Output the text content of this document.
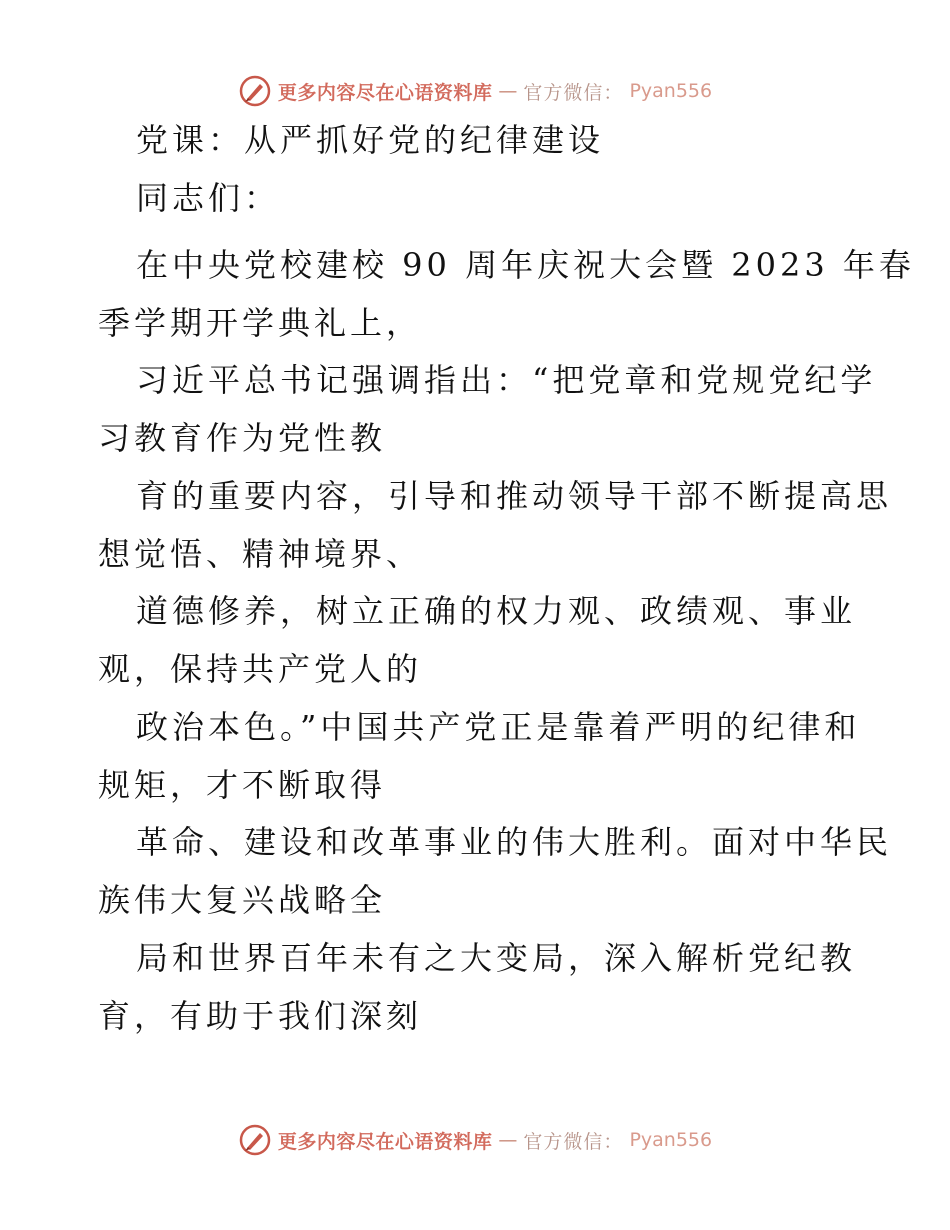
更多内容尽在心语资料库 — 官方微信： Pyan556
党课：从严抓好党的纪律建设
同志们：
在中央党校建校 90 周年庆祝大会暨 2023 年春
季学期开学典礼上，
习近平总书记强调指出：“把党章和党规党纪学
习教育作为党性教
育的重要内容，引导和推动领导干部不断提高思
想觉悟、精神境界、
道德修养，树立正确的权力观、政绩观、事业
观，保持共产党人的
政治本色。”中国共产党正是靠着严明的纪律和
规矩，才不断取得
革命、建设和改革事业的伟大胜利。面对中华民
族伟大复兴战略全
局和世界百年未有之大变局，深入解析党纪教
育，有助于我们深刻
更多内容尽在心语资料库 — 官方微信： Pyan556
